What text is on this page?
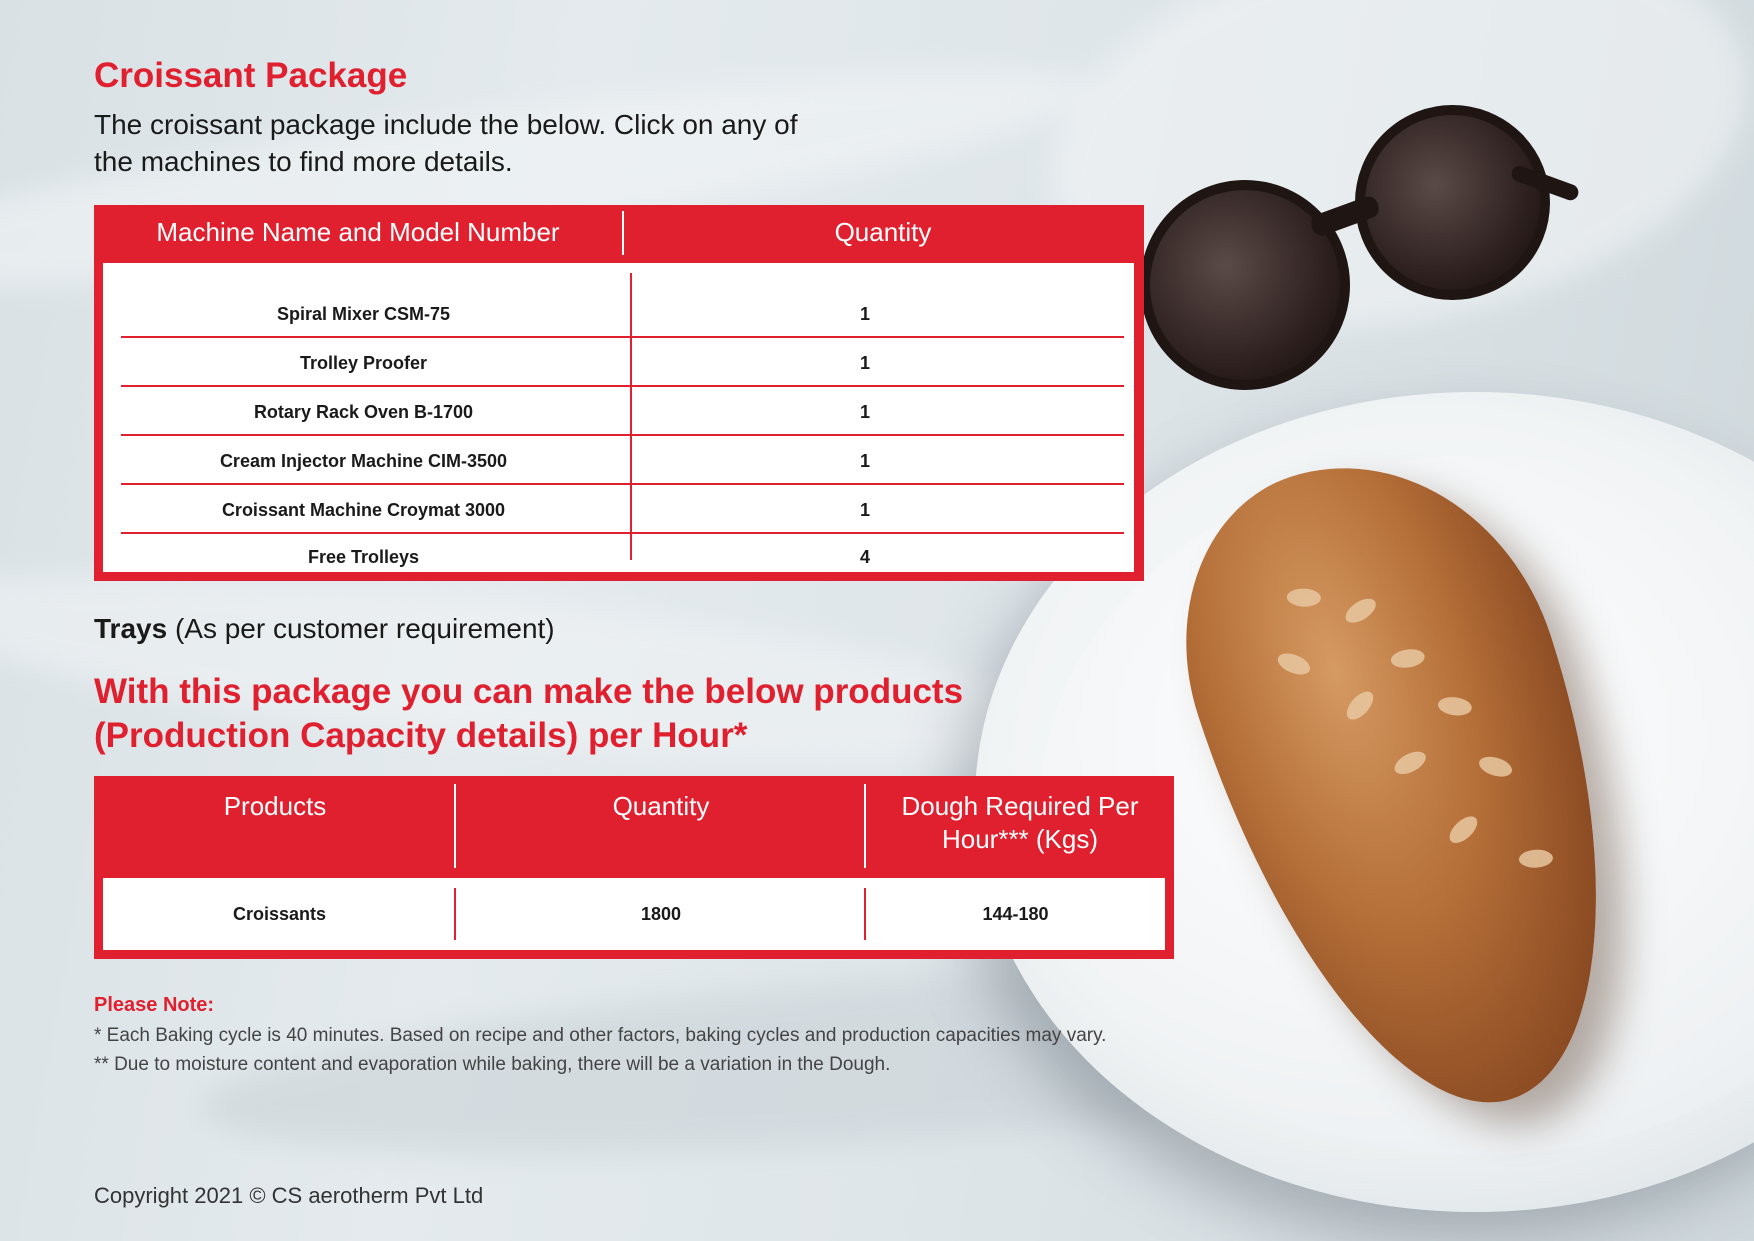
Croissant Package

The croissant package include the below. Click on any of the machines to find more details.

Machine Name and Model Number	Quantity
Spiral Mixer CSM-75	1
Trolley Proofer	1
Rotary Rack Oven B-1700	1
Cream Injector Machine CIM-3500	1
Croissant Machine Croymat 3000	1
Free Trolleys	4

Trays (As per customer requirement)

With this package you can make the below products (Production Capacity details) per Hour*
Products	Quantity	Dough Required Per Hour*** (Kgs)
Croissants	1800	144-180

Please Note:

* Each Baking cycle is 40 minutes. Based on recipe and other factors, baking cycles and production capacities may vary.

** Due to moisture content and evaporation while baking, there will be a variation in the Dough.

Copyright 2021 © CS aerotherm Pvt Ltd
